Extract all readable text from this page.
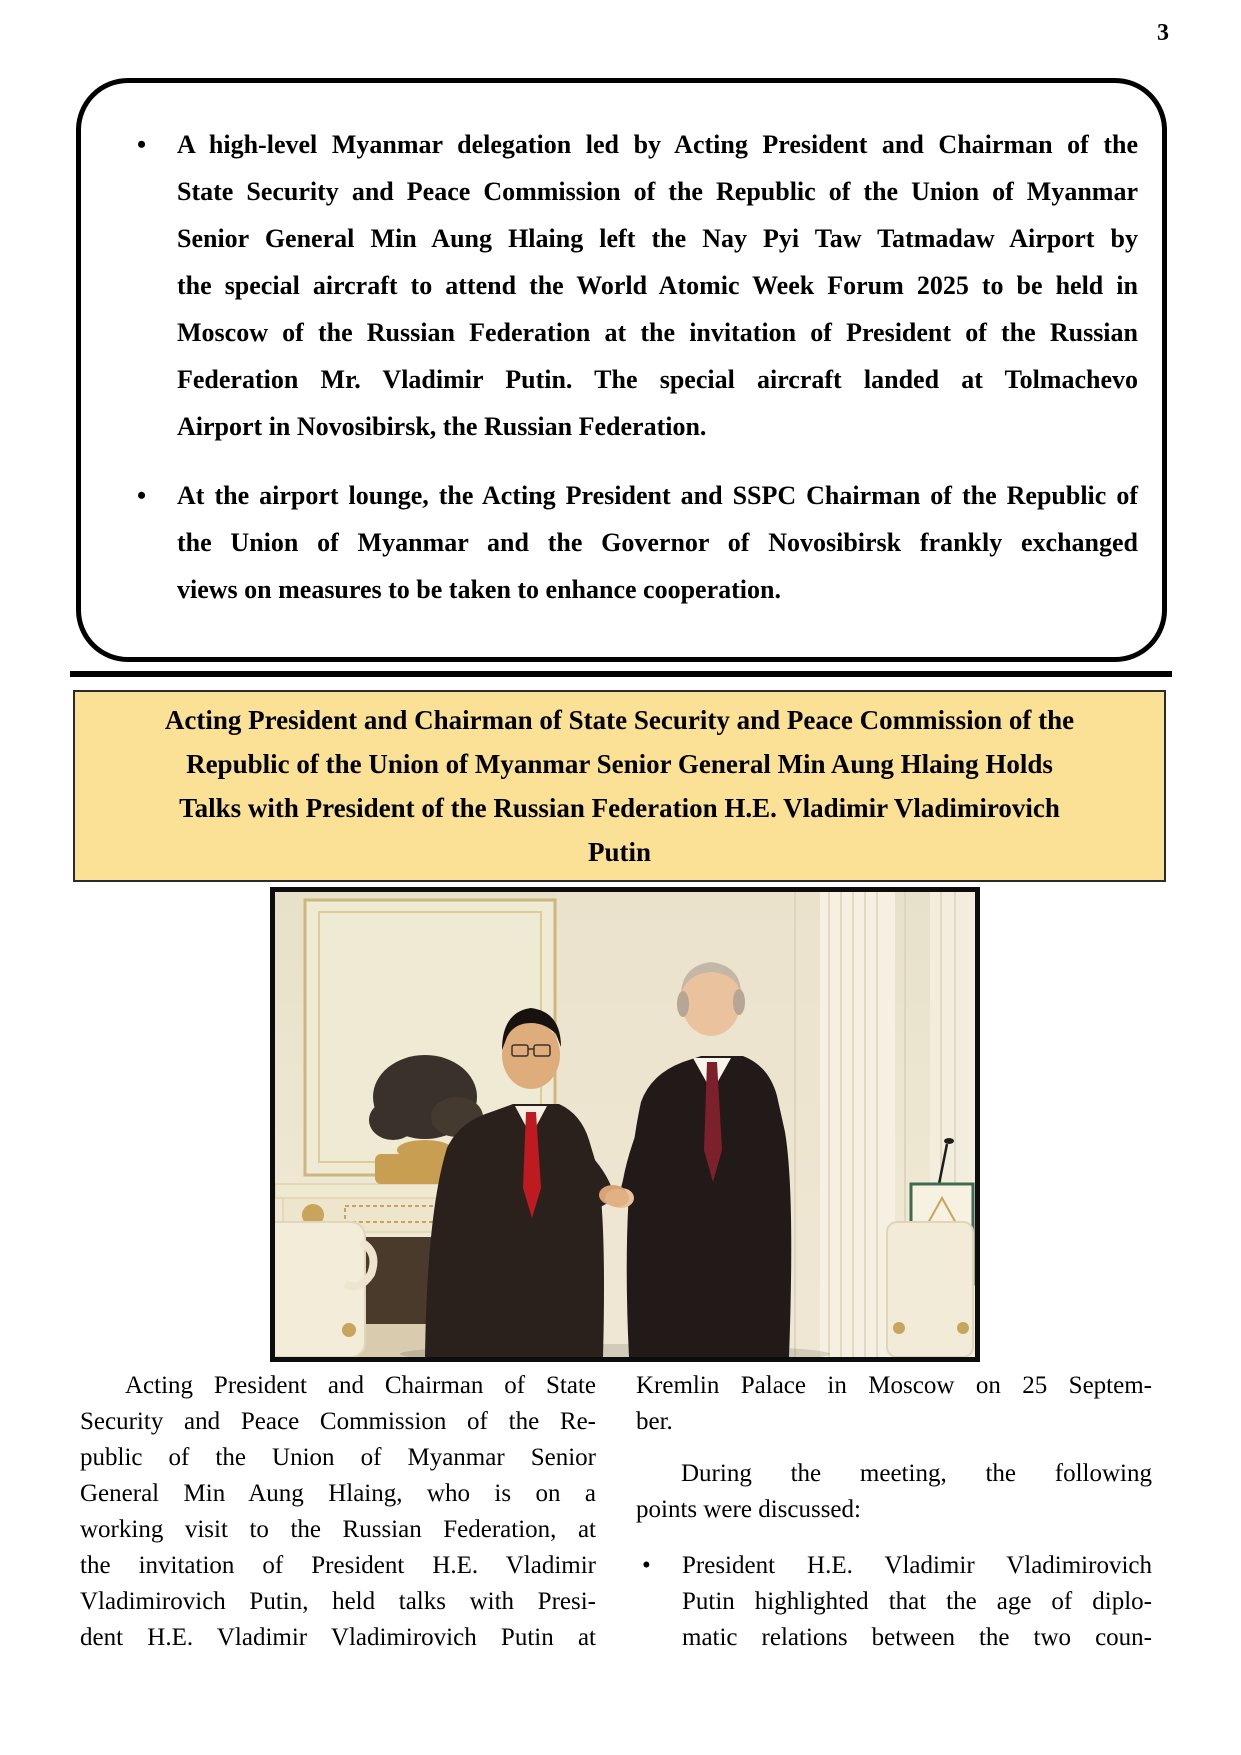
3
• A high-level Myanmar delegation led by Acting President and Chairman of the
State Security and Peace Commission of the Republic of the Union of Myanmar
Senior General Min Aung Hlaing left the Nay Pyi Taw Tatmadaw Airport by
the special aircraft to attend the World Atomic Week Forum 2025 to be held in
Moscow of the Russian Federation at the invitation of President of the Russian
Federation Mr. Vladimir Putin. The special aircraft landed at Tolmachevo
Airport in Novosibirsk, the Russian Federation.
• At the airport lounge, the Acting President and SSPC Chairman of the Republic of
the Union of Myanmar and the Governor of Novosibirsk frankly exchanged
views on measures to be taken to enhance cooperation.
Acting President and Chairman of State Security and Peace Commission of the
Republic of the Union of Myanmar Senior General Min Aung Hlaing Holds
Talks with President of the Russian Federation H.E. Vladimir Vladimirovich
Putin
Acting President and Chairman of State
Security and Peace Commission of the Re-
public of the Union of Myanmar Senior
General Min Aung Hlaing, who is on a
working visit to the Russian Federation, at
the invitation of President H.E. Vladimir
Vladimirovich Putin, held talks with Presi-
dent H.E. Vladimir Vladimirovich Putin at
Kremlin Palace in Moscow on 25 Septem-
ber.
During the meeting, the following
points were discussed:
• President H.E. Vladimir Vladimirovich
Putin highlighted that the age of diplo-
matic relations between the two coun-
